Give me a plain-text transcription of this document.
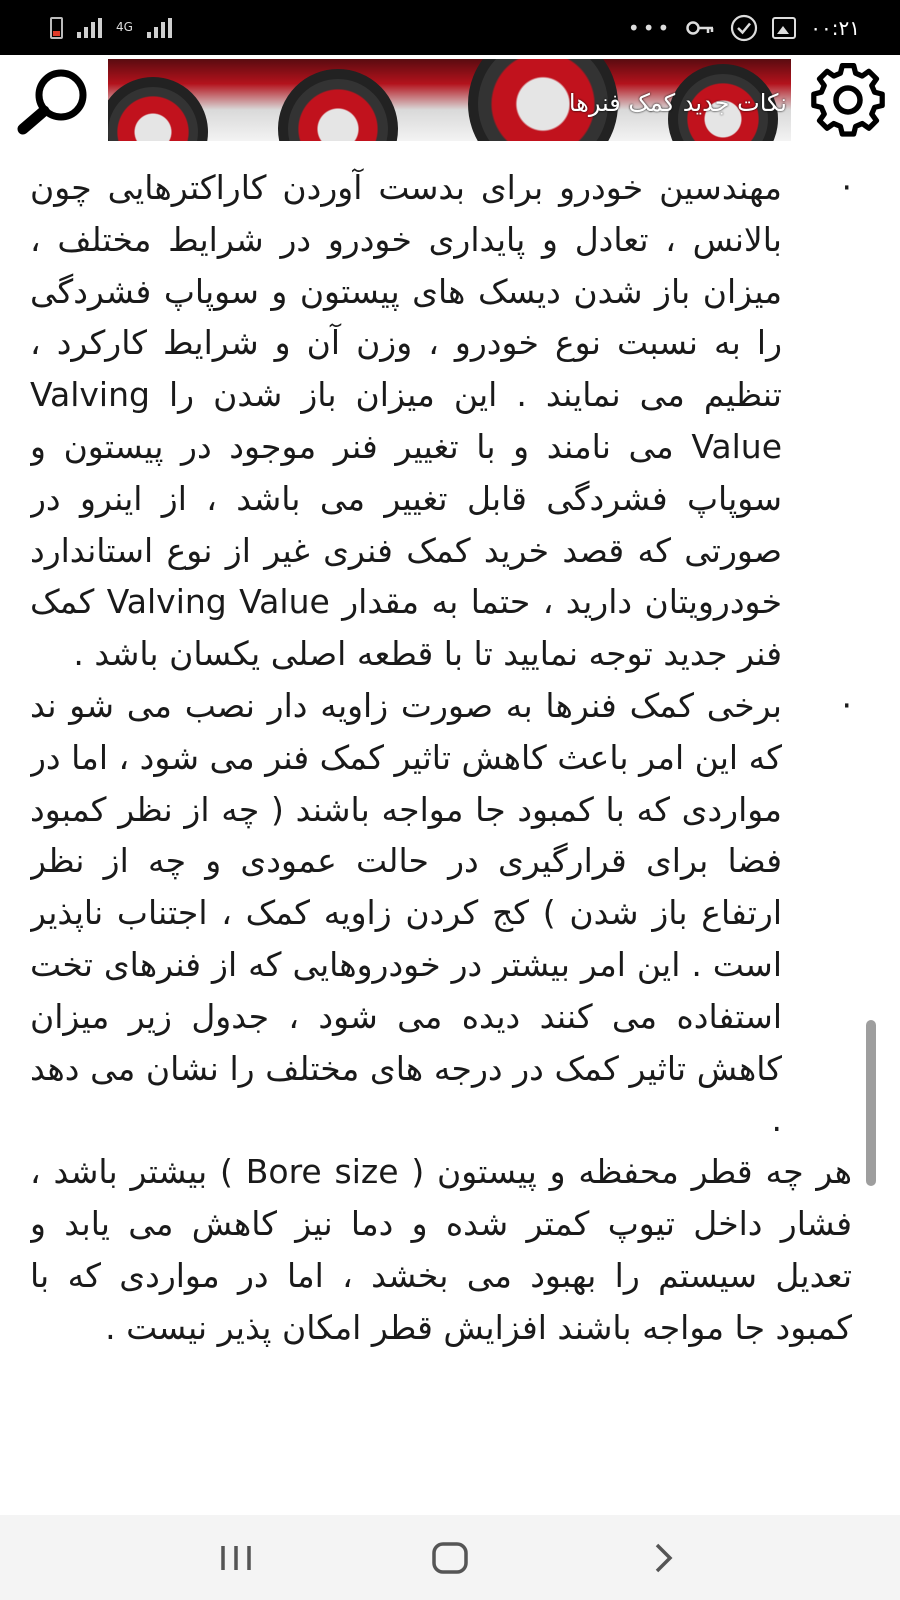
4G	•••	۰۰:۲۱
نکات جدید کمک فنرها

· مهندسین خودرو برای بدست آوردن کاراکترهایی چون بالانس ، تعادل و پایداری خودرو در شرایط مختلف ، میزان باز شدن دیسک های پیستون و سوپاپ فشردگی را به نسبت نوع خودرو ، وزن آن و شرایط کارکرد ، تنظیم می نمایند . این میزان باز شدن را Valving Value می نامند و با تغییر فنر موجود در پیستون و سوپاپ فشردگی قابل تغییر می باشد ، از اینرو در صورتی که قصد خرید کمک فنری غیر از نوع استاندارد خودرویتان دارید ، حتما به مقدار Valving Value کمک فنر جدید توجه نمایید تا با قطعه اصلی یکسان باشد .

· برخی کمک فنرها به صورت زاویه دار نصب می شو ند که این امر باعث کاهش تاثیر کمک فنر می شود ، اما در مواردی که با کمبود جا مواجه باشند ( چه از نظر کمبود فضا برای قرارگیری در حالت عمودی و چه از نظر ارتفاع باز شدن ) کج کردن زاویه کمک ، اجتناب ناپذیر است . این امر بیشتر در خودروهایی که از فنرهای تخت استفاده می کنند دیده می شود ، جدول زیر میزان کاهش تاثیر کمک در درجه های مختلف را نشان می دهد .

هر چه قطر محفظه و پیستون ( Bore size ) بیشتر باشد ، فشار داخل تیوپ کمتر شده و دما نیز کاهش می یابد و تعدیل سیستم را بهبود می بخشد ، اما در مواردی که با کمبود جا مواجه باشند افزایش قطر امکان پذیر نیست .
